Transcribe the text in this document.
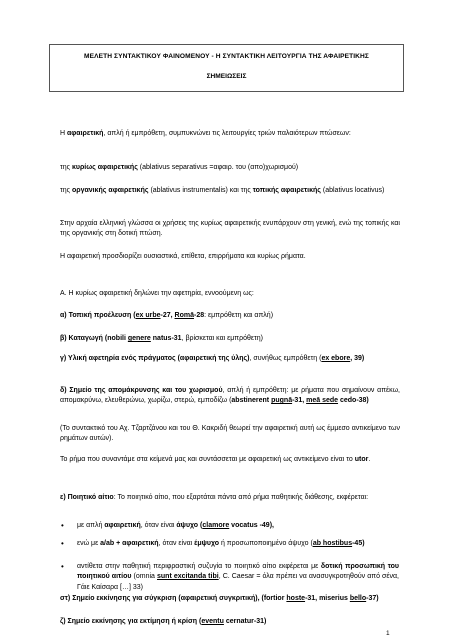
ΜΕΛΕΤΗ ΣΥΝΤΑΚΤΙΚΟΥ ΦΑΙΝΟΜΕΝΟΥ - Η ΣΥΝΤΑΚΤΙΚΗ ΛΕΙΤΟΥΡΓΙΑ ΤΗΣ ΑΦΑΙΡΕΤΙΚΗΣ
ΣΗΜΕΙΩΣΕΙΣ

Η αφαιρετική, απλή ή εμπρόθετη, συμπυκνώνει τις λειτουργίες τριών παλαιότερων πτώσεων:

της κυρίως αφαιρετικής (ablativus separativus =αφαιρ. του (απο)χωρισμού)

της οργανικής αφαιρετικής (ablativus instrumentalis) και της τοπικής αφαιρετικής (ablativus locativus)

Στην αρχαία ελληνική γλώσσα οι χρήσεις της κυρίως αφαιρετικής ενυπάρχουν στη γενική, ενώ της τοπικής και της οργανικής στη δοτική πτώση.

Η αφαιρετική προσδιορίζει ουσιαστικά, επίθετα, επιρρήματα και κυρίως ρήματα.

Α. Η κυρίως αφαιρετική δηλώνει την αφετηρία, εννοούμενη ως:

α) Τοπική προέλευση (ex urbe-27, Romā-28: εμπρόθετη και απλή)

β) Καταγωγή (nobili genere natus-31, βρίσκεται και εμπρόθετη)

γ) Υλική αφετηρία ενός πράγματος (αφαιρετική της ύλης), συνήθως εμπρόθετη (ex ebore, 39)

δ) Σημείο της απομάκρυνσης και του χωρισμού, απλή ή εμπρόθετη: με ρήματα που σημαίνουν απέκω, απομακρύνω, ελευθερώνω, χωρίζω, στερώ, εμποδίζω (abstinerent pugnā-31, meā sede cedo-38)

(Το συντακτικό του Αχ. Τζαρτζάνου και του Θ. Κακριδή θεωρεί την αφαιρετική αυτή ως έμμεσο αντικείμενο των ρημάτων αυτών).

Το ρήμα που συναντάμε στα κείμενά μας και συντάσσεται με αφαιρετική ως αντικείμενο είναι το utor.

ε) Ποιητικό αίτιο: Το ποιητικό αίτιο, που εξαρτάται πάντα από ρήμα παθητικής διάθεσης, εκφέρεται:

• με απλή αφαιρετική, όταν είναι άψυχο (clamore vocatus -49),

• ενώ με a/ab + αφαιρετική, όταν είναι έμψυχο ή προσωποποιημένο άψυχο (ab hostibus-45)

• αντίθετα στην παθητική περιφραστική συζυγία το ποιητικό αίτιο εκφέρεται με δοτική προσωπική του ποιητικού αιτίου (omnia sunt excitanda tibi, C. Caesar = όλα πρέπει να ανασυγκροτηθούν από σένα, Γάιε Καίσαρα […] 33)

1

στ) Σημείο εκκίνησης για σύγκριση (αφαιρετική συγκριτική), (fortior hoste-31, miserius bello-37)

ζ) Σημείο εκκίνησης για εκτίμηση ή κρίση (eventu cernatur-31)
